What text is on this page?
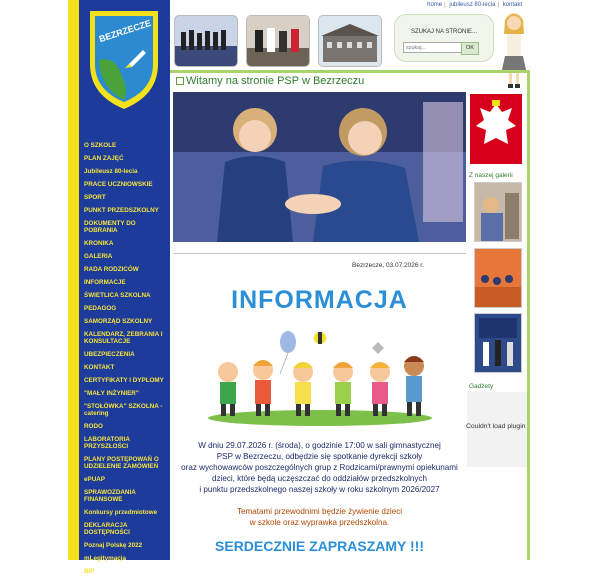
BEZRZECZE
O SZKOLE
PLAN ZAJĘĆ
Jubileusz 80-lecia
PRACE UCZNIOWSKIE
SPORT
PUNKT PRZEDSZKOLNY
DOKUMENTY DO POBRANIA
KRONIKA
GALERIA
RADA RODZICÓW
INFORMACJE
ŚWIETLICA SZKOLNA
PEDAGOG
SAMORZĄD SZKOLNY
KALENDARZ, ZEBRANIA I KONSULTACJE
UBEZPIECZENIA
KONTAKT
CERTYFIKATY I DYPLOMY
"MAŁY INŻYNIER"
"STOŁÓWKA" SZKOLNA - catering
RODO
LABORATORIA PRZYSZŁOŚCI
PLANY POSTĘPOWAŃ O UDZIELENIE ZAMÓWIEŃ
ePUAP
SPRAWOZDANIA FINANSOWE
Konkursy przedmiotowe
DEKLARACJA DOSTĘPNOŚCI
Poznaj Polskę 2022
mLegitymacja
BIP
home | jubileusz 80-lecia | kontakt
SZUKAJ NA STRONIE...
szukaj...
OK
Witamy na stronie PSP w Bezrzeczu
Bezrzecze, 03.07.2026 r.
INFORMACJA
W dniu 29.07.2026 r. (środa), o godzinie 17:00 w sali gimnastycznej
PSP w Bezrzeczu, odbędzie się spotkanie dyrekcji szkoły
oraz wychowawców poszczególnych grup z Rodzicami/prawnymi opiekunami
dzieci, które będą uczęszczać do oddziałów przedszkolnych
i punktu przedszkolnego naszej szkoły w roku szkolnym 2026/2027
Tematami przewodnimi będzie żywienie dzieci
w szkole oraz wyprawka przedszkolna.
SERDECZNIE ZAPRASZAMY !!!
Z naszej galerii
Gadżety
Couldn't load plugin
